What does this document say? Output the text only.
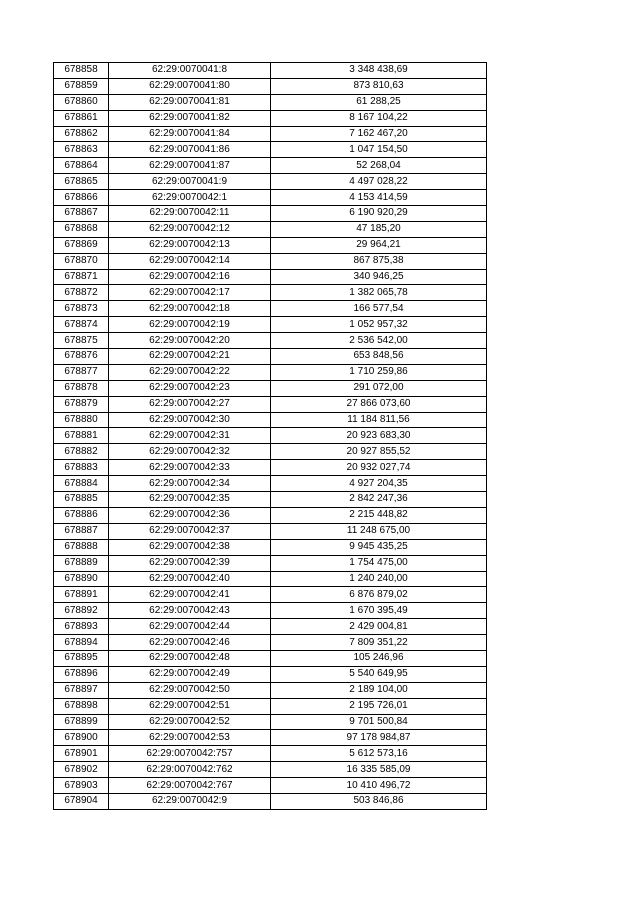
678858	62:29:0070041:8	3 348 438,69
678859	62:29:0070041:80	873 810,63
678860	62:29:0070041:81	61 288,25
678861	62:29:0070041:82	8 167 104,22
678862	62:29:0070041:84	7 162 467,20
678863	62:29:0070041:86	1 047 154,50
678864	62:29:0070041:87	52 268,04
678865	62:29:0070041:9	4 497 028,22
678866	62:29:0070042:1	4 153 414,59
678867	62:29:0070042:11	6 190 920,29
678868	62:29:0070042:12	47 185,20
678869	62:29:0070042:13	29 964,21
678870	62:29:0070042:14	867 875,38
678871	62:29:0070042:16	340 946,25
678872	62:29:0070042:17	1 382 065,78
678873	62:29:0070042:18	166 577,54
678874	62:29:0070042:19	1 052 957,32
678875	62:29:0070042:20	2 536 542,00
678876	62:29:0070042:21	653 848,56
678877	62:29:0070042:22	1 710 259,86
678878	62:29:0070042:23	291 072,00
678879	62:29:0070042:27	27 866 073,60
678880	62:29:0070042:30	11 184 811,56
678881	62:29:0070042:31	20 923 683,30
678882	62:29:0070042:32	20 927 855,52
678883	62:29:0070042:33	20 932 027,74
678884	62:29:0070042:34	4 927 204,35
678885	62:29:0070042:35	2 842 247,36
678886	62:29:0070042:36	2 215 448,82
678887	62:29:0070042:37	11 248 675,00
678888	62:29:0070042:38	9 945 435,25
678889	62:29:0070042:39	1 754 475,00
678890	62:29:0070042:40	1 240 240,00
678891	62:29:0070042:41	6 876 879,02
678892	62:29:0070042:43	1 670 395,49
678893	62:29:0070042:44	2 429 004,81
678894	62:29:0070042:46	7 809 351,22
678895	62:29:0070042:48	105 246,96
678896	62:29:0070042:49	5 540 649,95
678897	62:29:0070042:50	2 189 104,00
678898	62:29:0070042:51	2 195 726,01
678899	62:29:0070042:52	9 701 500,84
678900	62:29:0070042:53	97 178 984,87
678901	62:29:0070042:757	5 612 573,16
678902	62:29:0070042:762	16 335 585,09
678903	62:29:0070042:767	10 410 496,72
678904	62:29:0070042:9	503 846,86
